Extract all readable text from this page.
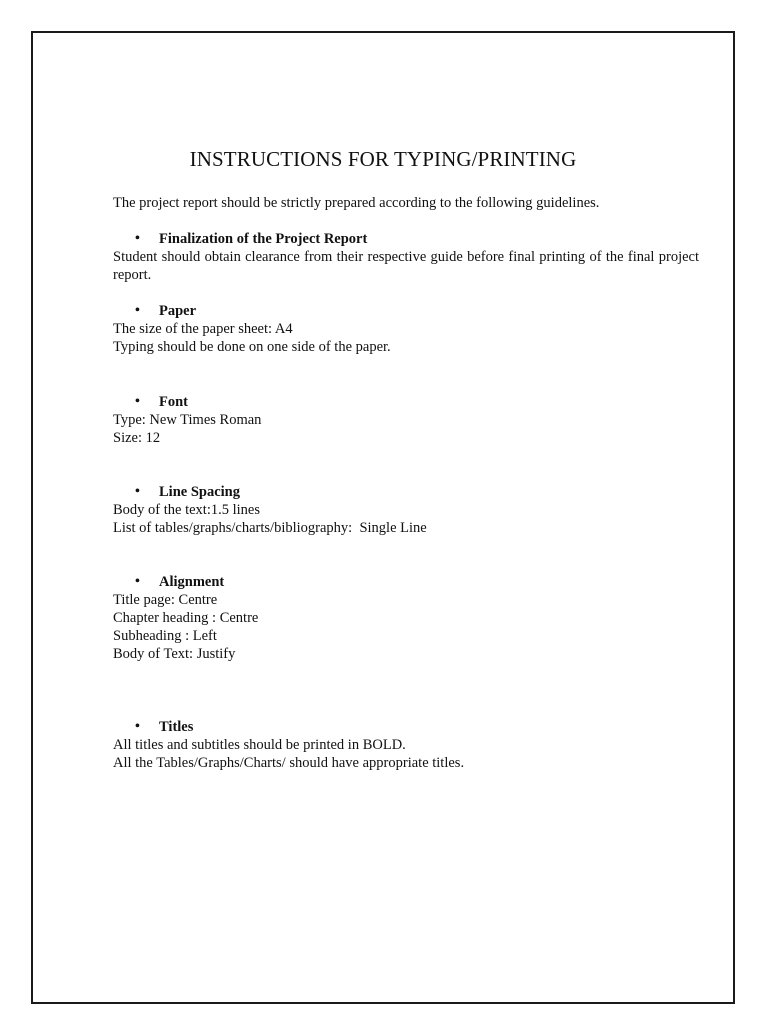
INSTRUCTIONS FOR TYPING/PRINTING

The project report should be strictly prepared according to the following guidelines.

•	Finalization of the Project Report

Student should obtain clearance from their respective guide before final printing of the final project report.

•	Paper

The size of the paper sheet: A4

Typing should be done on one side of the paper.

•	Font

Type: New Times Roman

Size: 12

•	Line Spacing

Body of the text:1.5 lines

List of tables/graphs/charts/bibliography:  Single Line

•	Alignment

Title page: Centre

Chapter heading : Centre

Subheading : Left

Body of Text: Justify

•	Titles

All titles and subtitles should be printed in BOLD.

All the Tables/Graphs/Charts/ should have appropriate titles.
